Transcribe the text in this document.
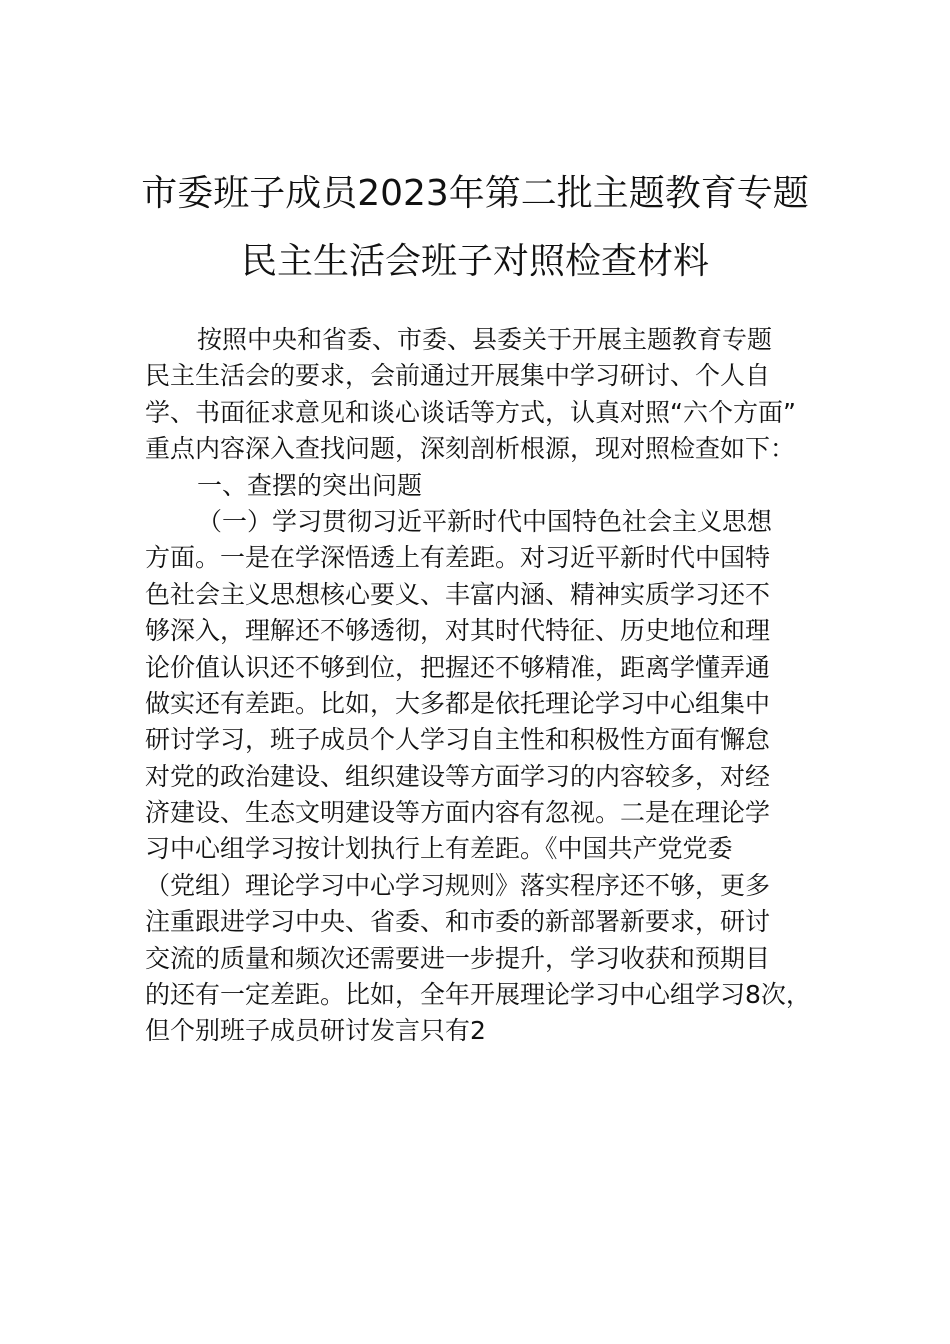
市委班子成员2023年第二批主题教育专题
民主生活会班子对照检查材料
按照中央和省委、市委、县委关于开展主题教育专题
民主生活会的要求，会前通过开展集中学习研讨、个人自
学、书面征求意见和谈心谈话等方式，认真对照“六个方面”
重点内容深入查找问题，深刻剖析根源，现对照检查如下：
一、查摆的突出问题
（一）学习贯彻习近平新时代中国特色社会主义思想
方面。一是在学深悟透上有差距。对习近平新时代中国特
色社会主义思想核心要义、丰富内涵、精神实质学习还不
够深入，理解还不够透彻，对其时代特征、历史地位和理
论价值认识还不够到位，把握还不够精准，距离学懂弄通
做实还有差距。比如，大多都是依托理论学习中心组集中
研讨学习，班子成员个人学习自主性和积极性方面有懈怠
对党的政治建设、组织建设等方面学习的内容较多，对经
济建设、生态文明建设等方面内容有忽视。二是在理论学
习中心组学习按计划执行上有差距。《中国共产党党委
（党组）理论学习中心学习规则》落实程序还不够，更多
注重跟进学习中央、省委、和市委的新部署新要求，研讨
交流的质量和频次还需要进一步提升，学习收获和预期目
的还有一定差距。比如，全年开展理论学习中心组学习8次，
但个别班子成员研讨发言只有2
